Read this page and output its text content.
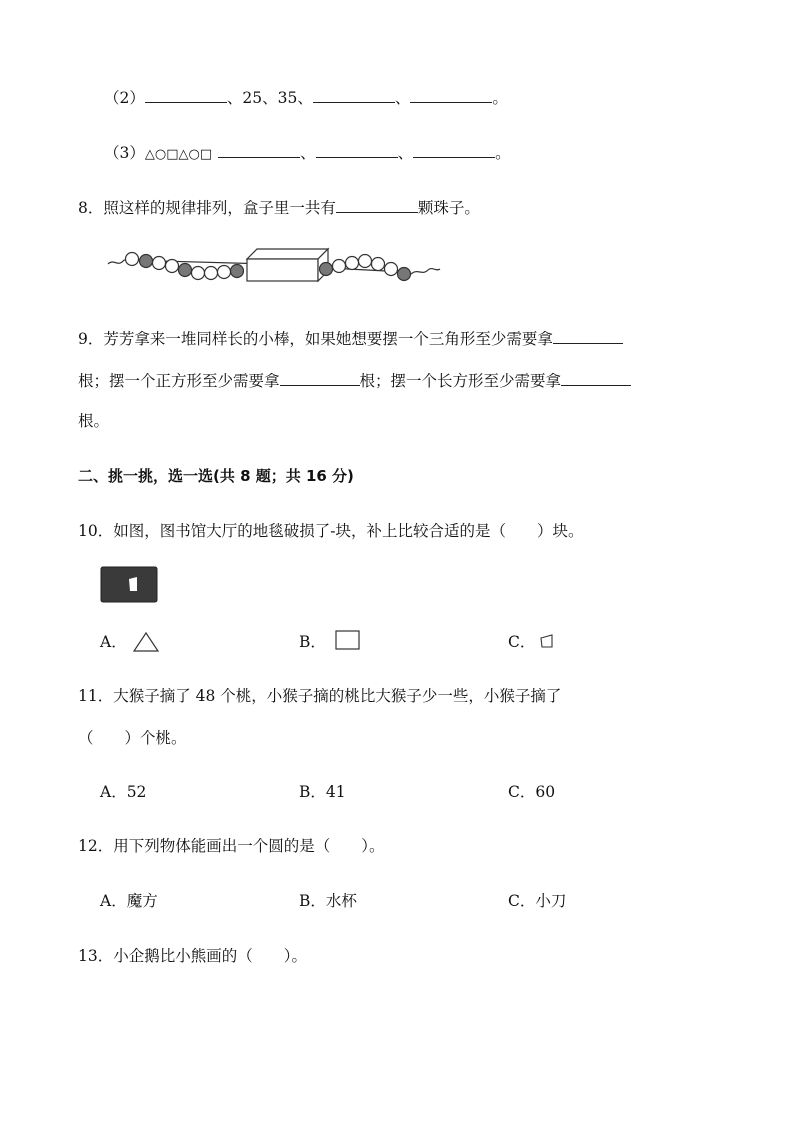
（2）	、25、35、	、	。
（3）△○□△○□	、	、	。
8．照这样的规律排列，盒子里一共有	颗珠子。
9．芳芳拿来一堆同样长的小棒，如果她想要摆一个三角形至少需要拿
根；摆一个正方形至少需要拿	根；摆一个长方形至少需要拿
根。
二、挑一挑，选一选(共 8 题；共 16 分)
10．如图，图书馆大厅的地毯破损了-块，补上比较合适的是（　　）块。
A．	B．	C．
11．大猴子摘了 48 个桃，小猴子摘的桃比大猴子少一些，小猴子摘了
（　　）个桃。
A．52	B．41	C．60
12．用下列物体能画出一个圆的是（　　）。
A．魔方	B．水杯	C．小刀
13．小企鹅比小熊画的（　　）。
